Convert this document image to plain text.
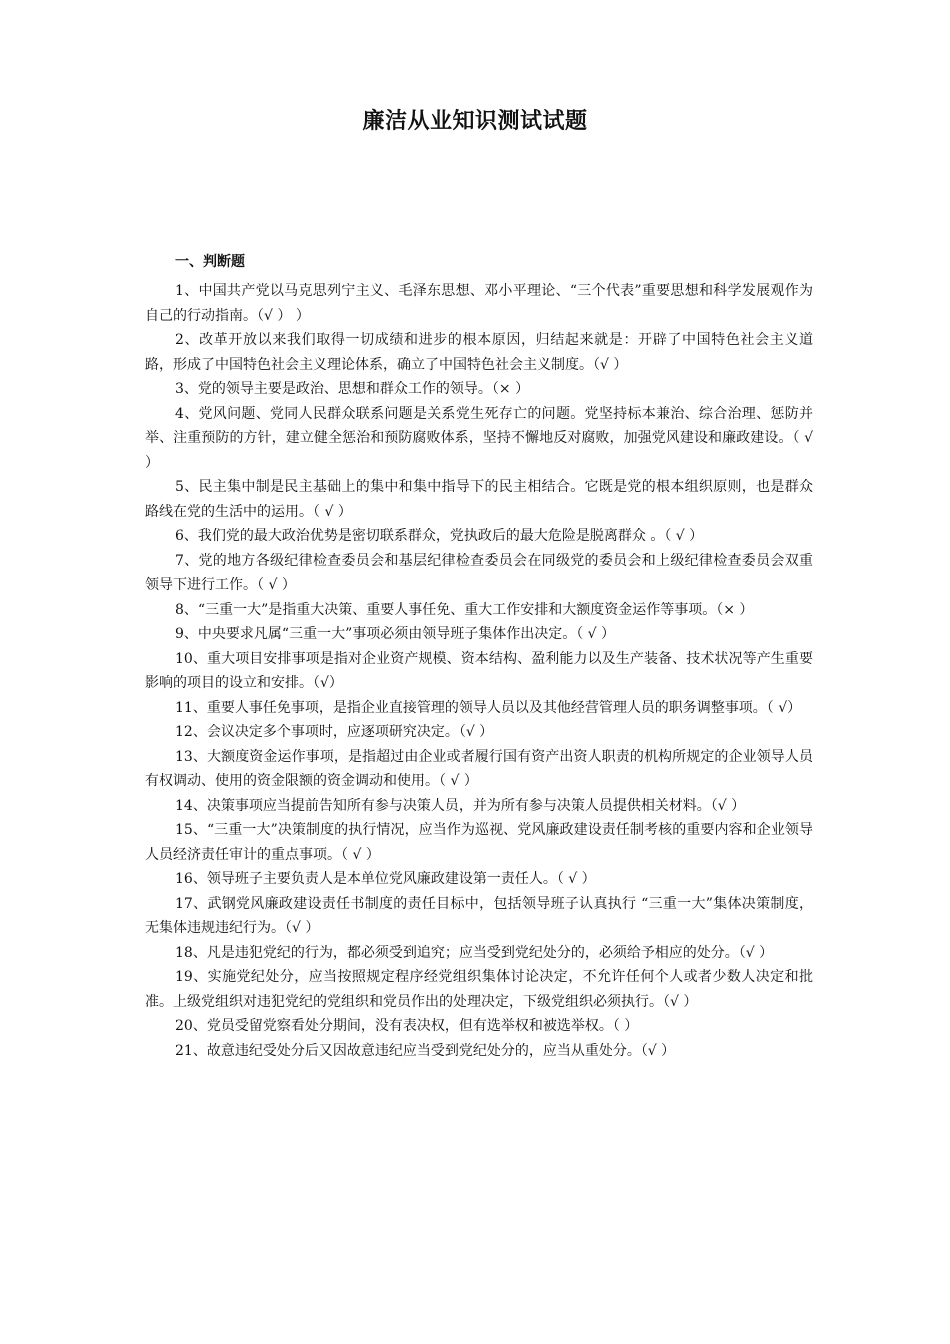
廉洁从业知识测试试题
一、判断题
1、中国共产党以马克思列宁主义、毛泽东思想、邓小平理论、“三个代表”重要思想和科学发展观作为自己的行动指南。（√ ） ）
2、改革开放以来我们取得一切成绩和进步的根本原因，归结起来就是：开辟了中国特色社会主义道路，形成了中国特色社会主义理论体系，确立了中国特色社会主义制度。（√ ）
3、党的领导主要是政治、思想和群众工作的领导。（× ）
4、党风问题、党同人民群众联系问题是关系党生死存亡的问题。党坚持标本兼治、综合治理、惩防并举、注重预防的方针，建立健全惩治和预防腐败体系，坚持不懈地反对腐败，加强党风建设和廉政建设。（ √ ）
5、民主集中制是民主基础上的集中和集中指导下的民主相结合。它既是党的根本组织原则，也是群众路线在党的生活中的运用。（ √ ）
6、我们党的最大政治优势是密切联系群众，党执政后的最大危险是脱离群众 。（ √ ）
7、党的地方各级纪律检查委员会和基层纪律检查委员会在同级党的委员会和上级纪律检查委员会双重领导下进行工作。（ √ ）
8、“三重一大”是指重大决策、重要人事任免、重大工作安排和大额度资金运作等事项。（× ）
9、中央要求凡属“三重一大”事项必须由领导班子集体作出决定。（ √ ）
10、重大项目安排事项是指对企业资产规模、资本结构、盈利能力以及生产装备、技术状况等产生重要影响的项目的设立和安排。（√）
11、重要人事任免事项，是指企业直接管理的领导人员以及其他经营管理人员的职务调整事项。（ √）
12、会议决定多个事项时，应逐项研究决定。（√ ）
13、大额度资金运作事项，是指超过由企业或者履行国有资产出资人职责的机构所规定的企业领导人员有权调动、使用的资金限额的资金调动和使用。（ √ ）
14、决策事项应当提前告知所有参与决策人员，并为所有参与决策人员提供相关材料。（√ ）
15、“三重一大”决策制度的执行情况，应当作为巡视、党风廉政建设责任制考核的重要内容和企业领导人员经济责任审计的重点事项。（ √ ）
16、领导班子主要负责人是本单位党风廉政建设第一责任人。（ √ ）
17、武钢党风廉政建设责任书制度的责任目标中，包括领导班子认真执行 “三重一大”集体决策制度，无集体违规违纪行为。（√ ）
18、凡是违犯党纪的行为，都必须受到追究；应当受到党纪处分的，必须给予相应的处分。（√ ）
19、实施党纪处分，应当按照规定程序经党组织集体讨论决定，不允许任何个人或者少数人决定和批准。上级党组织对违犯党纪的党组织和党员作出的处理决定，下级党组织必须执行。（√ ）
20、党员受留党察看处分期间，没有表决权，但有选举权和被选举权。（ ）
21、故意违纪受处分后又因故意违纪应当受到党纪处分的，应当从重处分。（√ ）
